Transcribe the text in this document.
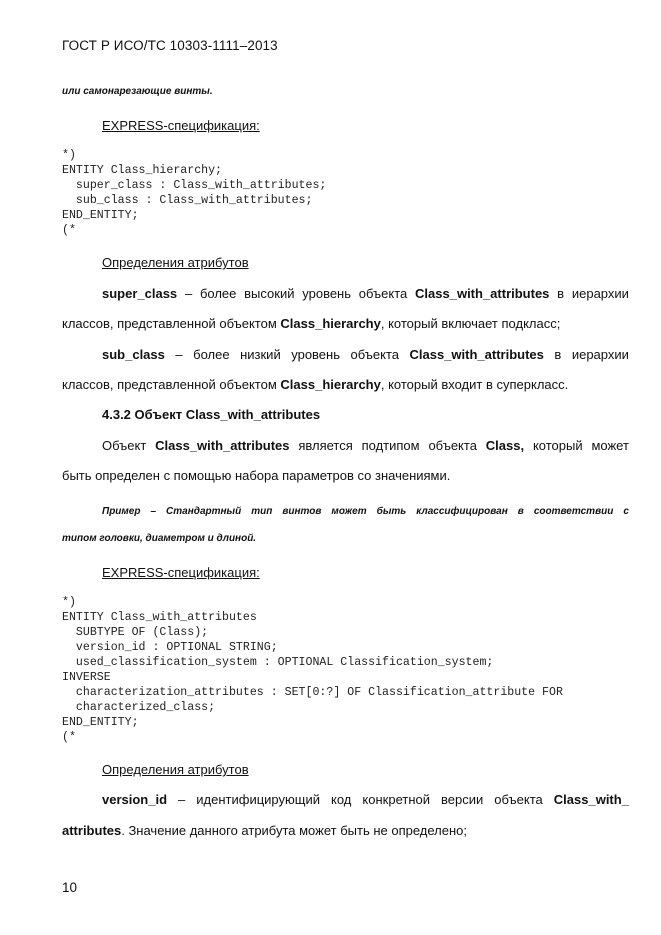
ГОСТ Р ИСО/ТС 10303-1111–2013
или самонарезающие винты.
EXPRESS-спецификация:
*)
ENTITY Class_hierarchy;
super_class : Class_with_attributes;
sub_class : Class_with_attributes;
END_ENTITY;
(*
Определения атрибутов
super_class – более высокий уровень объекта Class_with_attributes в иерархии
классов, представленной объектом Class_hierarchy, который включает подкласс;
sub_class – более низкий уровень объекта Class_with_attributes в иерархии
классов, представленной объектом Class_hierarchy, который входит в суперкласс.
4.3.2 Объект Class_with_attributes
Объект Class_with_attributes является подтипом объекта Class, который может
быть определен с помощью набора параметров со значениями.
Пример – Стандартный тип винтов может быть классифицирован в соответствии с
типом головки, диаметром и длиной.
EXPRESS-спецификация:
*)
ENTITY Class_with_attributes
SUBTYPE OF (Class);
version_id : OPTIONAL STRING;
used_classification_system : OPTIONAL Classification_system;
INVERSE
characterization_attributes : SET[0:?] OF Classification_attribute FOR
characterized_class;
END_ENTITY;
(*
Определения атрибутов
version_id – идентифицирующий код конкретной версии объекта Class_with_
attributes. Значение данного атрибута может быть не определено;
10
